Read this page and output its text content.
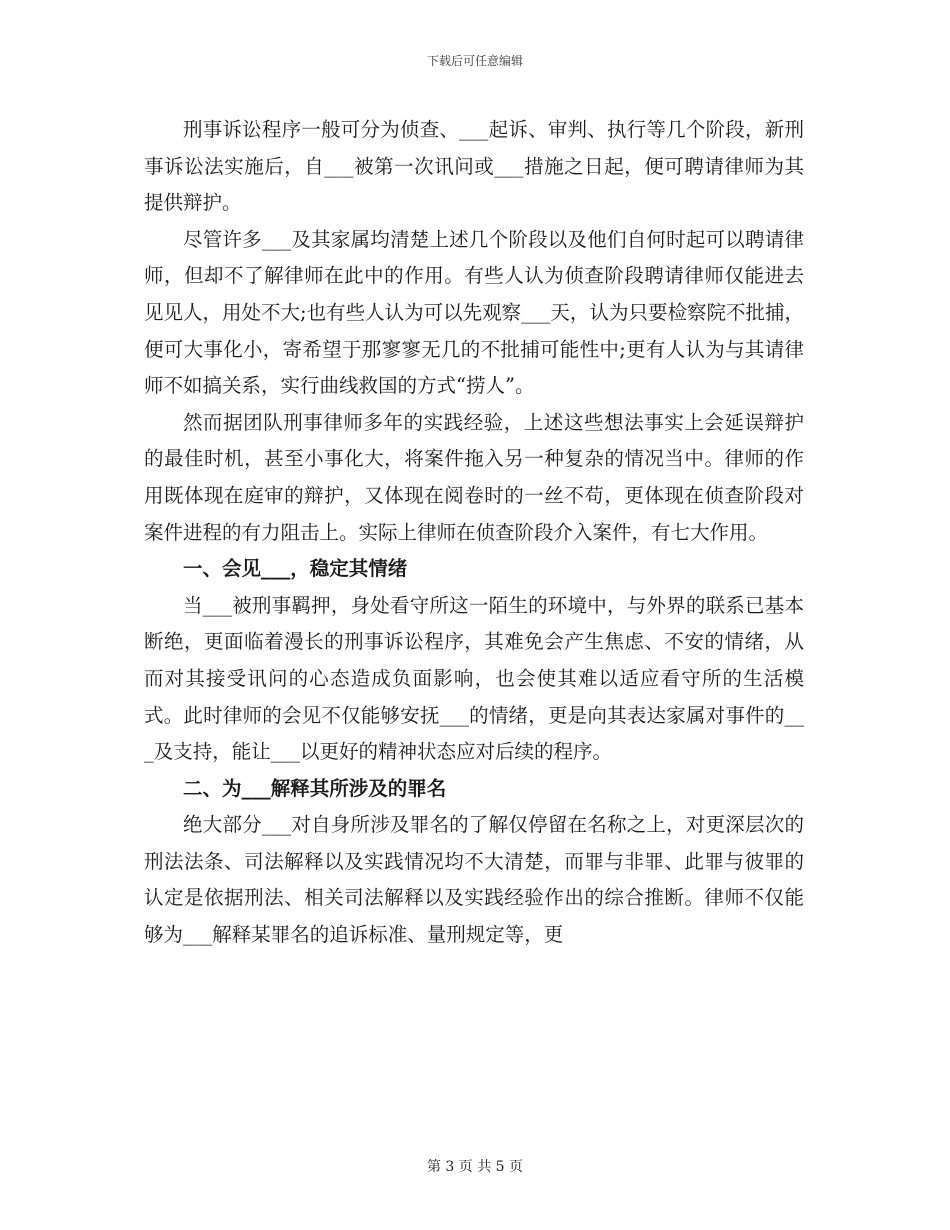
下载后可任意编辑

刑事诉讼程序一般可分为侦查、___起诉、审判、执行等几个阶段，新刑事诉讼法实施后，自___被第一次讯问或___措施之日起，便可聘请律师为其提供辩护。

尽管许多___及其家属均清楚上述几个阶段以及他们自何时起可以聘请律师，但却不了解律师在此中的作用。有些人认为侦查阶段聘请律师仅能进去见见人，用处不大;也有些人认为可以先观察___天，认为只要检察院不批捕，便可大事化小，寄希望于那寥寥无几的不批捕可能性中;更有人认为与其请律师不如搞关系，实行曲线救国的方式“捞人”。

然而据团队刑事律师多年的实践经验，上述这些想法事实上会延误辩护的最佳时机，甚至小事化大，将案件拖入另一种复杂的情况当中。律师的作用既体现在庭审的辩护，又体现在阅卷时的一丝不苟，更体现在侦查阶段对案件进程的有力阻击上。实际上律师在侦查阶段介入案件，有七大作用。

一、会见___，稳定其情绪

当___被刑事羁押，身处看守所这一陌生的环境中，与外界的联系已基本断绝，更面临着漫长的刑事诉讼程序，其难免会产生焦虑、不安的情绪，从而对其接受讯问的心态造成负面影响，也会使其难以适应看守所的生活模式。此时律师的会见不仅能够安抚___的情绪，更是向其表达家属对事件的___及支持，能让___以更好的精神状态应对后续的程序。

二、为___解释其所涉及的罪名

绝大部分___对自身所涉及罪名的了解仅停留在名称之上，对更深层次的刑法法条、司法解释以及实践情况均不大清楚，而罪与非罪、此罪与彼罪的认定是依据刑法、相关司法解释以及实践经验作出的综合推断。律师不仅能够为___解释某罪名的追诉标准、量刑规定等，更

第 3 页 共 5 页
